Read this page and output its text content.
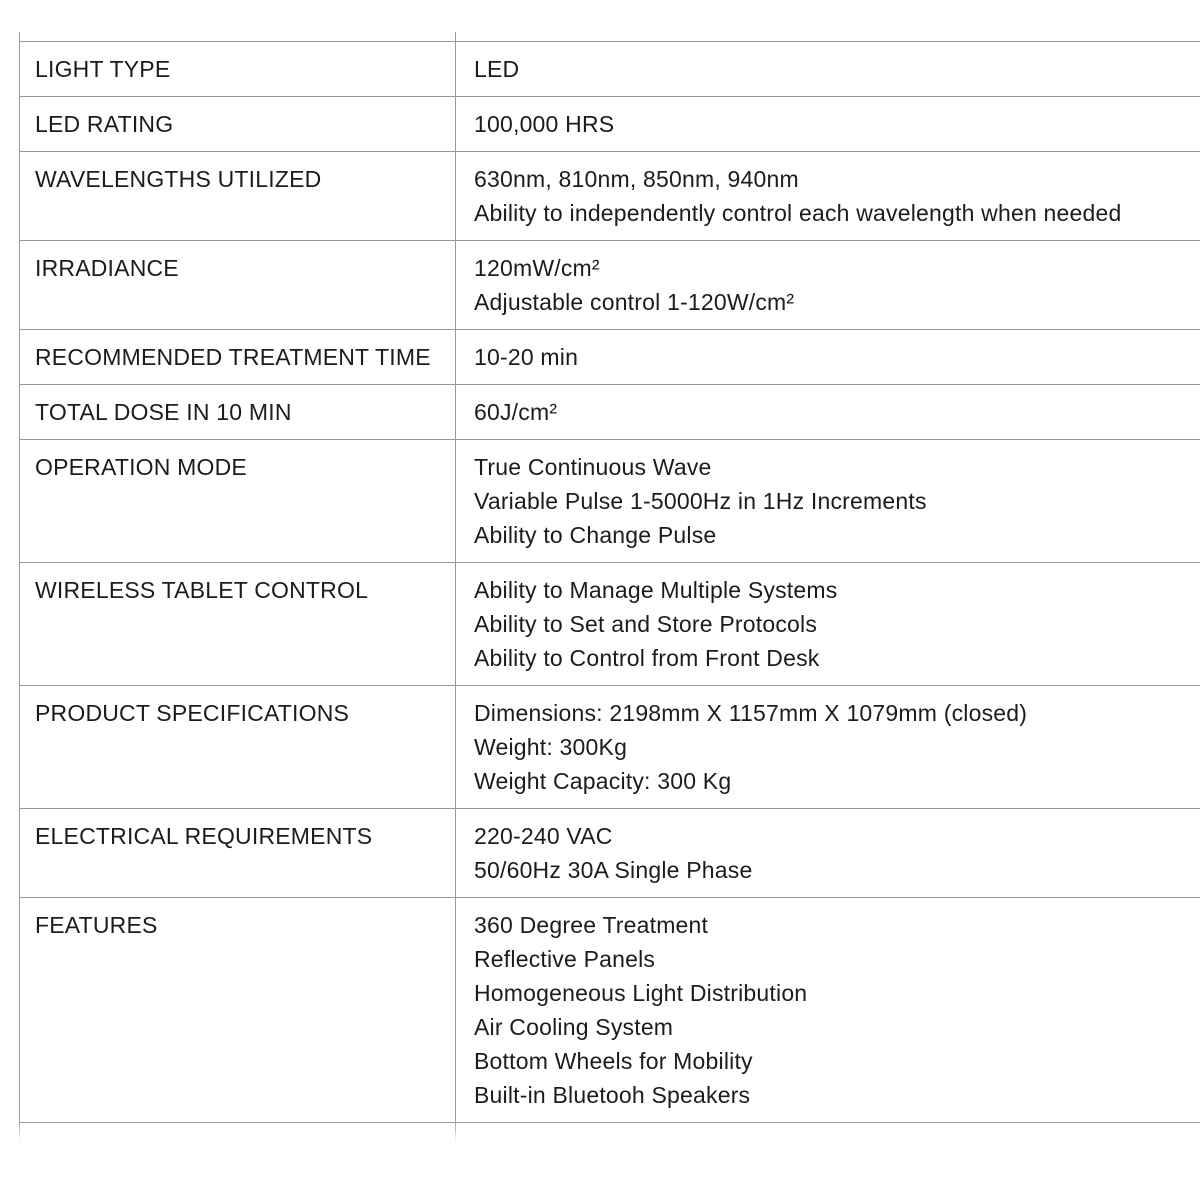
LIGHT TYPE	LED
LED RATING	100,000 HRS
WAVELENGTHS UTILIZED	630nm, 810nm, 850nm, 940nm
Ability to independently control each wavelength when needed
IRRADIANCE	120mW/cm²
Adjustable control 1-120W/cm²
RECOMMENDED TREATMENT TIME	10-20 min
TOTAL DOSE IN 10 MIN	60J/cm²
OPERATION MODE	True Continuous Wave
Variable Pulse 1-5000Hz in 1Hz Increments
Ability to Change Pulse
WIRELESS TABLET CONTROL	Ability to Manage Multiple Systems
Ability to Set and Store Protocols
Ability to Control from Front Desk
PRODUCT SPECIFICATIONS	Dimensions: 2198mm X 1157mm X 1079mm (closed)
Weight: 300Kg
Weight Capacity: 300 Kg
ELECTRICAL REQUIREMENTS	220-240 VAC
50/60Hz 30A Single Phase
FEATURES	360 Degree Treatment
Reflective Panels
Homogeneous Light Distribution
Air Cooling System
Bottom Wheels for Mobility
Built-in Bluetooh Speakers
